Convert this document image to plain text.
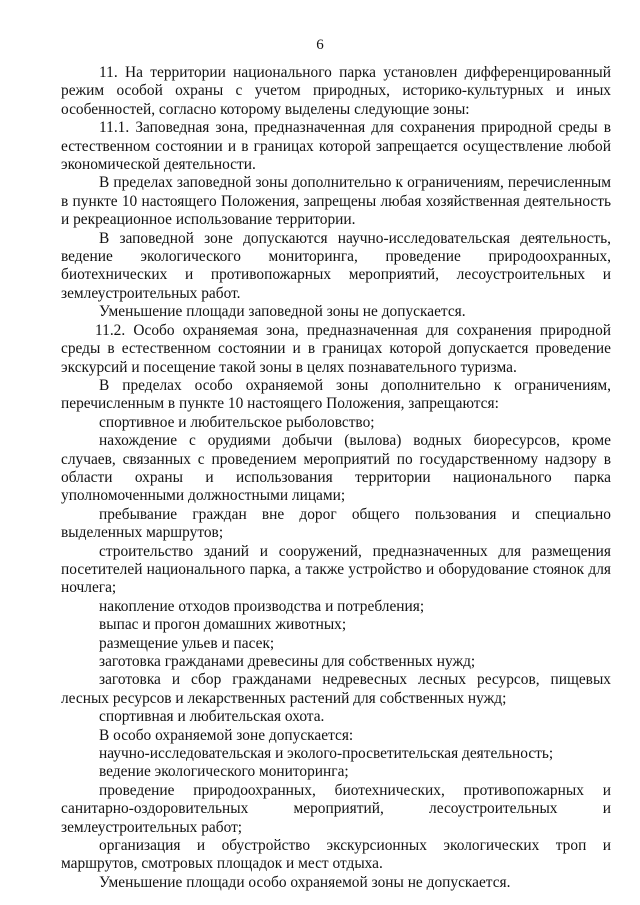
6

11. На территории национального парка установлен дифференцированный режим особой охраны с учетом природных, историко-культурных и иных особенностей, согласно которому выделены следующие зоны:

11.1. Заповедная зона, предназначенная для сохранения природной среды в естественном состоянии и в границах которой запрещается осуществление любой экономической деятельности.

В пределах заповедной зоны дополнительно к ограничениям, перечисленным в пункте 10 настоящего Положения, запрещены любая хозяйственная деятельность и рекреационное использование территории.

В заповедной зоне допускаются научно-исследовательская деятельность, ведение экологического мониторинга, проведение природоохранных, биотехнических и противопожарных мероприятий, лесоустроительных и землеустроительных работ.

Уменьшение площади заповедной зоны не допускается.

11.2. Особо охраняемая зона, предназначенная для сохранения природной среды в естественном состоянии и в границах которой допускается проведение экскурсий и посещение такой зоны в целях познавательного туризма.

В пределах особо охраняемой зоны дополнительно к ограничениям, перечисленным в пункте 10 настоящего Положения, запрещаются:

спортивное и любительское рыболовство;

нахождение с орудиями добычи (вылова) водных биоресурсов, кроме случаев, связанных с проведением мероприятий по государственному надзору в области охраны и использования территории национального парка уполномоченными должностными лицами;

пребывание граждан вне дорог общего пользования и специально выделенных маршрутов;

строительство зданий и сооружений, предназначенных для размещения посетителей национального парка, а также устройство и оборудование стоянок для ночлега;

накопление отходов производства и потребления;

выпас и прогон домашних животных;

размещение ульев и пасек;

заготовка гражданами древесины для собственных нужд;

заготовка и сбор гражданами недревесных лесных ресурсов, пищевых лесных ресурсов и лекарственных растений для собственных нужд;

спортивная и любительская охота.

В особо охраняемой зоне допускается:

научно-исследовательская и эколого-просветительская деятельность;

ведение экологического мониторинга;

проведение природоохранных, биотехнических, противопожарных и санитарно-оздоровительных мероприятий, лесоустроительных и землеустроительных работ;

организация и обустройство экскурсионных экологических троп и маршрутов, смотровых площадок и мест отдыха.

Уменьшение площади особо охраняемой зоны не допускается.
